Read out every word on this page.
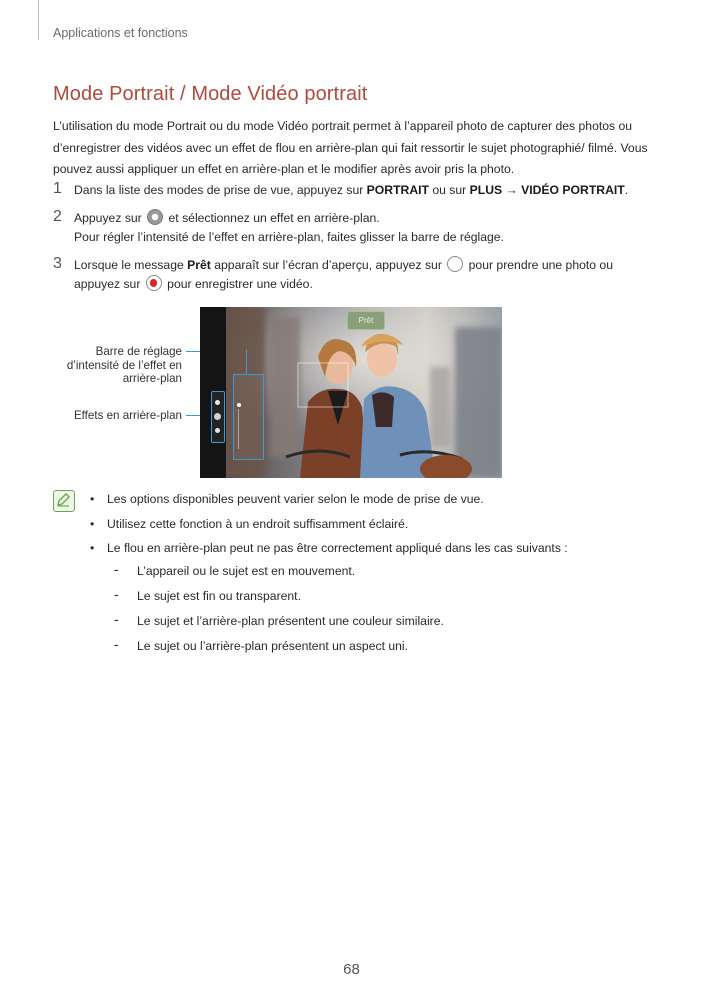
Applications et fonctions
Mode Portrait / Mode Vidéo portrait

L’utilisation du mode Portrait ou du mode Vidéo portrait permet à l’appareil photo de capturer des photos ou d’enregistrer des vidéos avec un effet de flou en arrière-plan qui fait ressortir le sujet photographié/ filmé. Vous pouvez aussi appliquer un effet en arrière-plan et le modifier après avoir pris la photo.

1 Dans la liste des modes de prise de vue, appuyez sur PORTRAIT ou sur PLUS → VIDÉO PORTRAIT.
2 Appuyez sur  et sélectionnez un effet en arrière-plan.
Pour régler l’intensité de l’effet en arrière-plan, faites glisser la barre de réglage.
3 Lorsque le message Prêt apparaît sur l’écran d’aperçu, appuyez sur  pour prendre une photo ou appuyez sur  pour enregistrer une vidéo.
Barre de réglage d’intensité de l’effet en arrière-plan
Effets en arrière-plan
Prêt
• Les options disponibles peuvent varier selon le mode de prise de vue.
• Utilisez cette fonction à un endroit suffisamment éclairé.
• Le flou en arrière-plan peut ne pas être correctement appliqué dans les cas suivants :
- L’appareil ou le sujet est en mouvement.
- Le sujet est fin ou transparent.
- Le sujet et l’arrière-plan présentent une couleur similaire.
- Le sujet ou l’arrière-plan présentent un aspect uni.
68
